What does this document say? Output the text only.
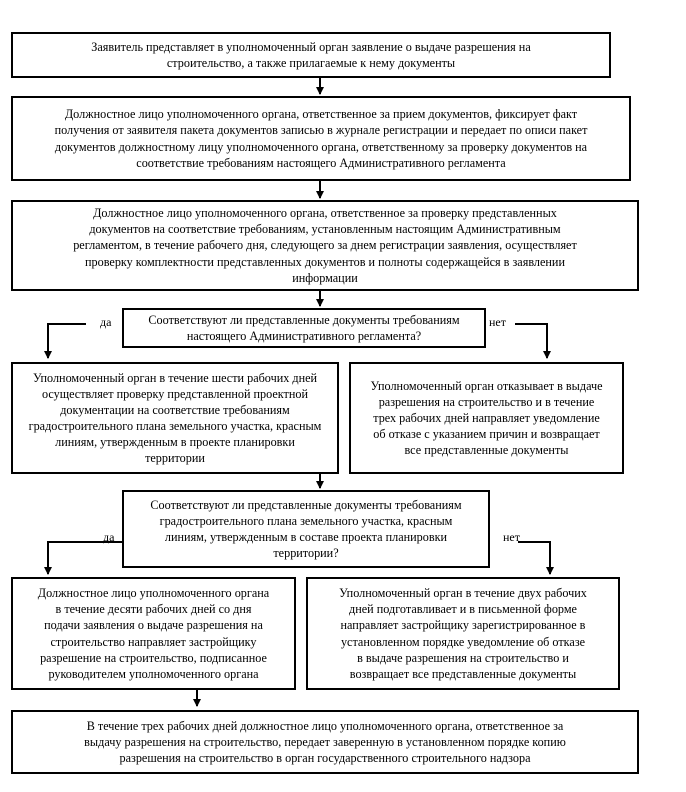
Заявитель представляет в уполномоченный орган заявление о выдаче разрешения на
строительство, а также прилагаемые к нему документы
Должностное лицо уполномоченного органа, ответственное за прием документов, фиксирует факт
получения от заявителя пакета документов записью в журнале регистрации и передает по описи пакет
документов должностному лицу уполномоченного органа, ответственному за проверку документов на
соответствие требованиям настоящего Административного регламента
Должностное лицо уполномоченного органа, ответственное за проверку представленных
документов на соответствие требованиям, установленным настоящим Административным
регламентом, в течение рабочего дня, следующего за днем регистрации заявления, осуществляет
проверку комплектности представленных документов и полноты содержащейся в заявлении
информации
Соответствуют ли представленные документы требованиям
настоящего Административного регламента?
да	нет
Уполномоченный орган в течение шести рабочих дней
осуществляет проверку представленной проектной
документации на соответствие требованиям
градостроительного плана земельного участка, красным
линиям, утвержденным в проекте планировки
территории
Уполномоченный орган отказывает в выдаче
разрешения на строительство и в течение
трех рабочих дней направляет уведомление
об отказе с указанием причин и возвращает
все представленные документы
Соответствуют ли представленные документы требованиям
градостроительного плана земельного участка, красным
линиям, утвержденным в составе проекта планировки
территории?
да	нет
Должностное лицо уполномоченного органа
в течение десяти рабочих дней со дня
подачи заявления о выдаче разрешения на
строительство направляет застройщику
разрешение на строительство, подписанное
руководителем уполномоченного органа
Уполномоченный орган в течение двух рабочих
дней подготавливает и в письменной форме
направляет застройщику зарегистрированное в
установленном порядке уведомление об отказе
в выдаче разрешения на строительство и
возвращает все представленные документы
В течение трех рабочих дней должностное лицо уполномоченного органа, ответственное за
выдачу разрешения на строительство, передает заверенную в установленном порядке копию
разрешения на строительство в орган государственного строительного надзора
